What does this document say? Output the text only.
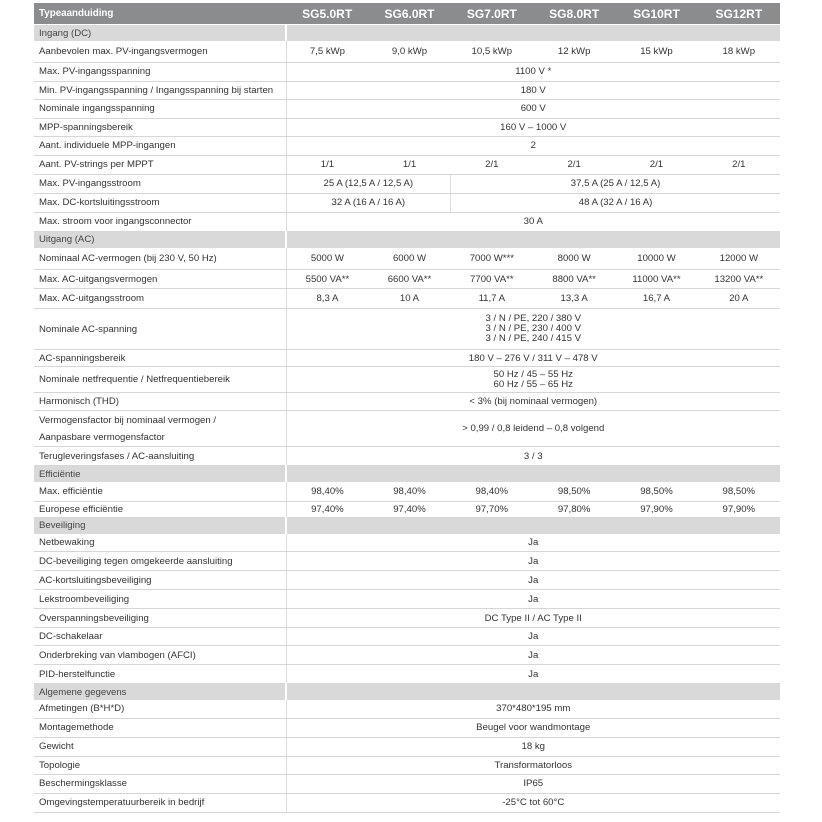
Typeaanduiding	SG5.0RT	SG6.0RT	SG7.0RT	SG8.0RT	SG10RT	SG12RT
Ingang (DC)						
Aanbevolen max. PV-ingangsvermogen	7,5 kWp	9,0 kWp	10,5 kWp	12 kWp	15 kWp	18 kWp
Max. PV-ingangsspanning	1100 V *					
Min. PV-ingangsspanning / Ingangsspanning bij starten	180 V					
Nominale ingangsspanning	600 V					
MPP-spanningsbereik	160 V – 1000 V					
Aant. individuele MPP-ingangen	2					
Aant. PV-strings per MPPT	1/1	1/1	2/1	2/1	2/1	2/1
Max. PV-ingangsstroom	25 A (12,5 A / 12,5 A)		37,5 A (25 A / 12,5 A)			
Max. DC-kortsluitingsstroom	32 A (16 A / 16 A)		48 A (32 A / 16 A)			
Max. stroom voor ingangsconnector	30 A					
Uitgang (AC)						
Nominaal AC-vermogen (bij 230 V, 50 Hz)	5000 W	6000 W	7000 W***	8000 W	10000 W	12000 W
Max. AC-uitgangsvermogen	5500 VA**	6600 VA**	7700 VA**	8800 VA**	11000 VA**	13200 VA**
Max. AC-uitgangsstroom	8,3 A	10 A	11,7 A	13,3 A	16,7 A	20 A
Nominale AC-spanning	3 / N / PE, 220 / 380 V
3 / N / PE, 230 / 400 V
3 / N / PE, 240 / 415 V					

AC-spanningsbereik	180 V – 276 V / 311 V – 478 V					
Nominale netfrequentie / Netfrequentiebereik	50 Hz / 45 – 55 Hz
60 Hz / 55 – 65 Hz					

Harmonisch (THD)	< 3% (bij nominaal vermogen)					

Vermogensfactor bij nominaal vermogen /
Aanpasbare vermogensfactor	> 0,99 / 0,8 leidend – 0,8 volgend					
Terugleveringsfases / AC-aansluiting	3 / 3					
Efficiëntie						
Max. efficiëntie	98,40%	98,40%	98,40%	98,50%	98,50%	98,50%
Europese efficiëntie	97,40%	97,40%	97,70%	97,80%	97,90%	97,90%
Beveiliging						
Netbewaking	Ja					
DC-beveiliging tegen omgekeerde aansluiting	Ja					
AC-kortsluitingsbeveiliging	Ja					
Lekstroombeveiliging	Ja					
Overspanningsbeveiliging	DC Type II / AC Type II					
DC-schakelaar	Ja					
Onderbreking van vlambogen (AFCI)	Ja					
PID-herstelfunctie	Ja					
Algemene gegevens						
Afmetingen (B*H*D)	370*480*195 mm					
Montagemethode	Beugel voor wandmontage					
Gewicht	18 kg					
Topologie	Transformatorloos					
Beschermingsklasse	IP65					
Omgevingstemperatuurbereik in bedrijf	-25°C tot 60°C					
